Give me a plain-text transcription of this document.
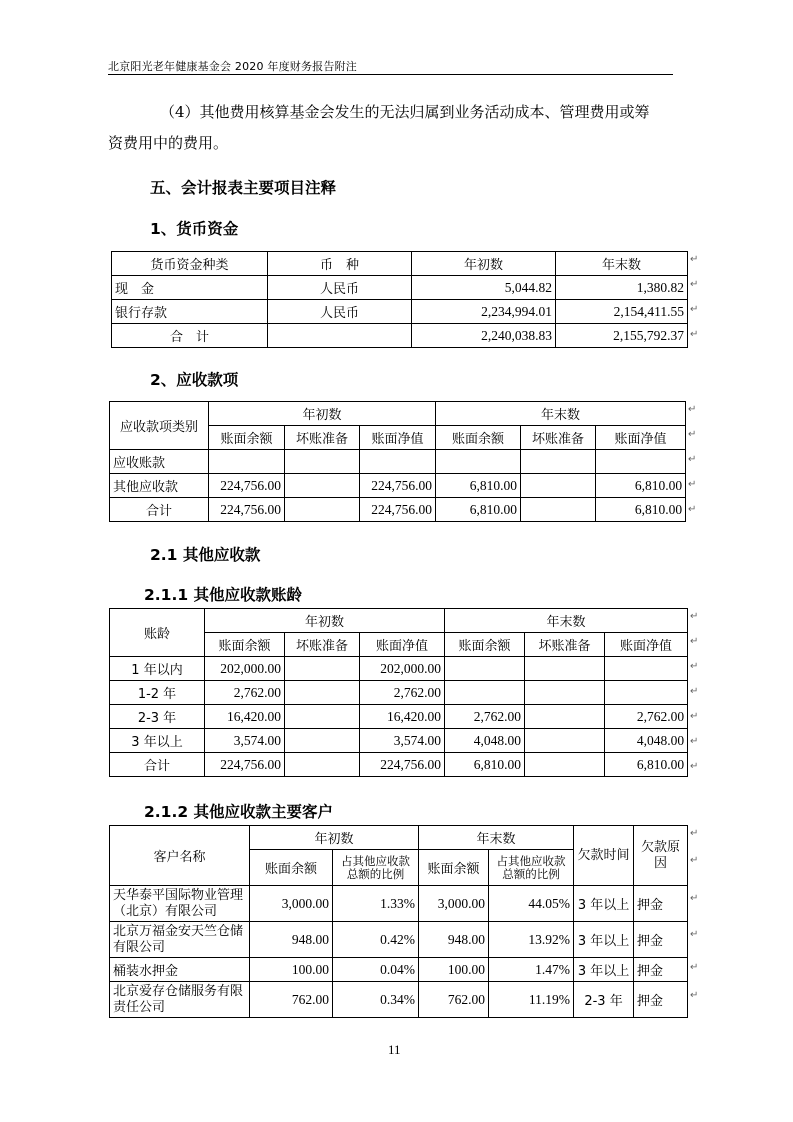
北京阳光老年健康基金会 2020 年度财务报告附注
（4）其他费用核算基金会发生的无法归属到业务活动成本、管理费用或筹
资费用中的费用。
五、会计报表主要项目注释
1、货币资金
货币资金种类	币　种	年初数	年末数
现　金	人民币	5,044.82	1,380.82
银行存款	人民币	2,234,994.01	2,154,411.55
合　计		2,240,038.83	2,155,792.37
↵
↵
↵
↵
2、应收款项
应收款项类别	年初数			年末数		
	账面余额	坏账准备	账面净值	账面余额	坏账准备	账面净值
应收账款						
其他应收款	224,756.00		224,756.00	6,810.00		6,810.00
合计	224,756.00		224,756.00	6,810.00		6,810.00
↵
↵
↵
↵
↵
2.1 其他应收款
2.1.1 其他应收款账龄
账龄	年初数			年末数		
	账面余额	坏账准备	账面净值	账面余额	坏账准备	账面净值
1 年以内	202,000.00		202,000.00			
1-2 年	2,762.00		2,762.00			
2-3 年	16,420.00		16,420.00	2,762.00		2,762.00
3 年以上	3,574.00		3,574.00	4,048.00		4,048.00
合计	224,756.00		224,756.00	6,810.00		6,810.00
↵
↵
↵
↵
↵
↵
↵
2.1.2 其他应收款主要客户
客户名称	年初数		年末数		欠款时间	欠款原因
	账面余额	占其他应收款总额的比例	账面余额	占其他应收款总额的比例		
天华泰平国际物业管理（北京）有限公司	3,000.00	1.33%	3,000.00	44.05%	3 年以上	押金
北京万福金安天竺仓储有限公司	948.00	0.42%	948.00	13.92%	3 年以上	押金
桶装水押金	100.00	0.04%	100.00	1.47%	3 年以上	押金
北京爱存仓储服务有限责任公司	762.00	0.34%	762.00	11.19%	2-3 年	押金
↵
↵
↵
↵
↵
↵
11
